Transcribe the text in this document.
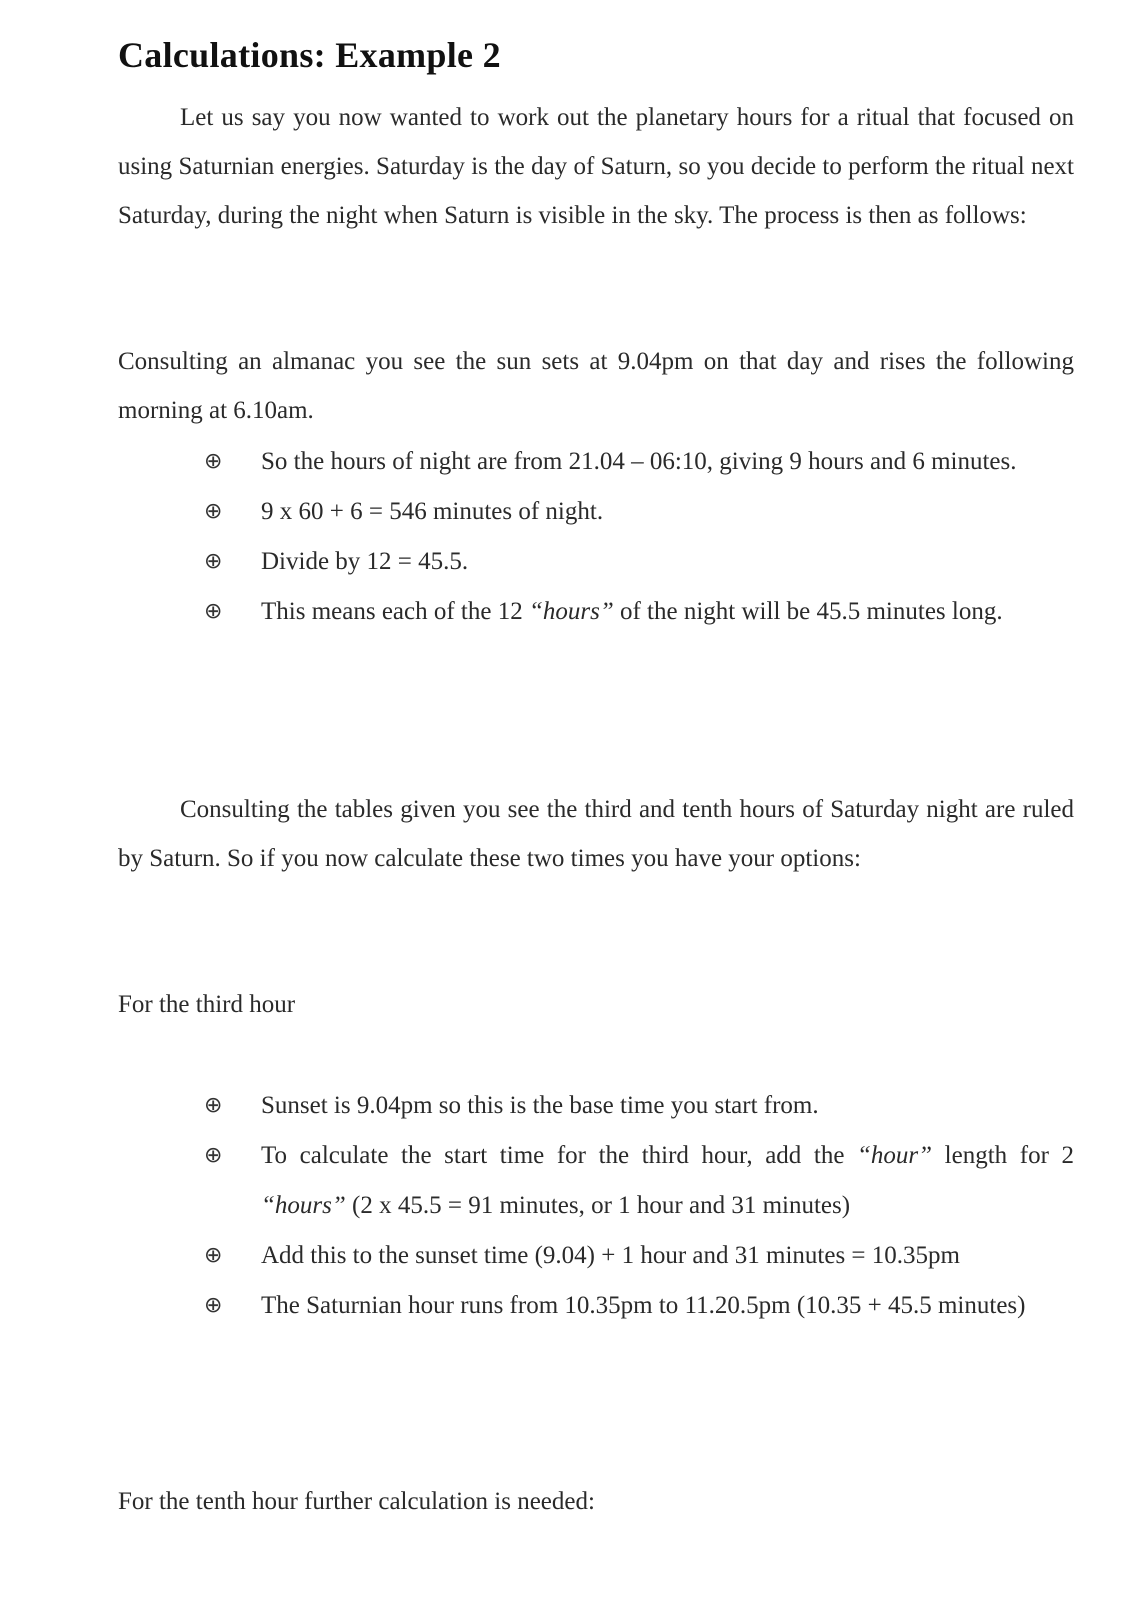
Calculations: Example 2

Let us say you now wanted to work out the planetary hours for a ritual that focused on using Saturnian energies. Saturday is the day of Saturn, so you decide to perform the ritual next Saturday, during the night when Saturn is visible in the sky. The process is then as follows:

Consulting an almanac you see the sun sets at 9.04pm on that day and rises the following morning at 6.10am.

⊕ So the hours of night are from 21.04 – 06:10, giving 9 hours and 6 minutes.
⊕ 9 x 60 + 6 = 546 minutes of night.
⊕ Divide by 12 = 45.5.
⊕ This means each of the 12 “hours” of the night will be 45.5 minutes long.

Consulting the tables given you see the third and tenth hours of Saturday night are ruled by Saturn. So if you now calculate these two times you have your options:

For the third hour
⊕ Sunset is 9.04pm so this is the base time you start from.
⊕ To calculate the start time for the third hour, add the “hour” length for 2 “hours” (2 x 45.5 = 91 minutes, or 1 hour and 31 minutes)
⊕ Add this to the sunset time (9.04) + 1 hour and 31 minutes = 10.35pm
⊕ The Saturnian hour runs from 10.35pm to 11.20.5pm (10.35 + 45.5 minutes)
For the tenth hour further calculation is needed:
